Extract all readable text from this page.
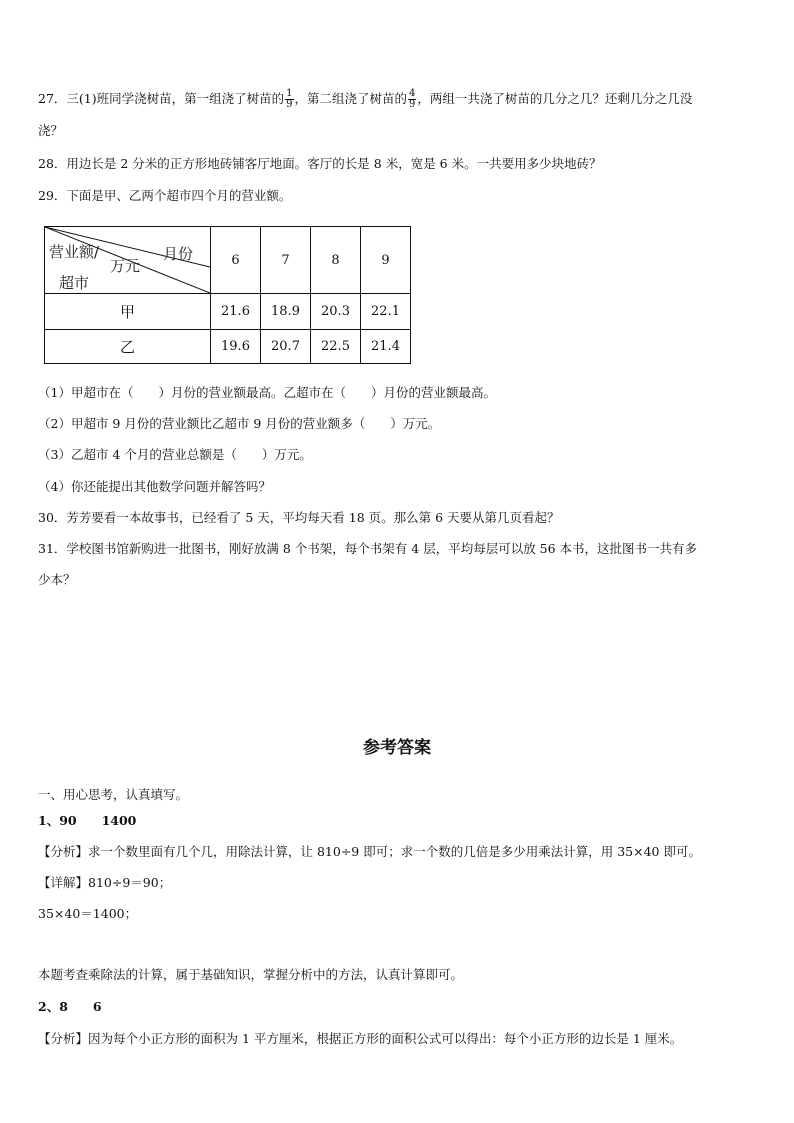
27．三(1)班同学浇树苗，第一组浇了树苗的 $\frac{1}{9}$ ，第二组浇了树苗的 $\frac{4}{9}$ ，两组一共浇了树苗的几分之几？还剩几分之几没
浇？
28．用边长是 2 分米的正方形地砖铺客厅地面。客厅的长是 8 米，宽是 6 米。一共要用多少块地砖？
29．下面是甲、乙两个超市四个月的营业额。
营业额/
万元
月份
超市	6	7	8	9
甲	21.6	18.9	20.3	22.1
乙	19.6	20.7	22.5	21.4
（1）甲超市在（　　）月份的营业额最高。乙超市在（　　）月份的营业额最高。
（2）甲超市 9 月份的营业额比乙超市 9 月份的营业额多（　　）万元。
（3）乙超市 4 个月的营业总额是（　　）万元。
（4）你还能提出其他数学问题并解答吗？
30．芳芳要看一本故事书，已经看了 5 天，平均每天看 18 页。那么第 6 天要从第几页看起？
31．学校图书馆新购进一批图书，刚好放满 8 个书架，每个书架有 4 层，平均每层可以放 56 本书，这批图书一共有多
少本？
参考答案
一、用心思考，认真填写。
1、90　　1400
【分析】求一个数里面有几个几，用除法计算，让 810÷9 即可；求一个数的几倍是多少用乘法计算，用 35×40 即可。
【详解】810÷9＝90；
35×40＝1400；
本题考查乘除法的计算，属于基础知识，掌握分析中的方法，认真计算即可。
2、8　　6
【分析】因为每个小正方形的面积为 1 平方厘米，根据正方形的面积公式可以得出：每个小正方形的边长是 1 厘米。
